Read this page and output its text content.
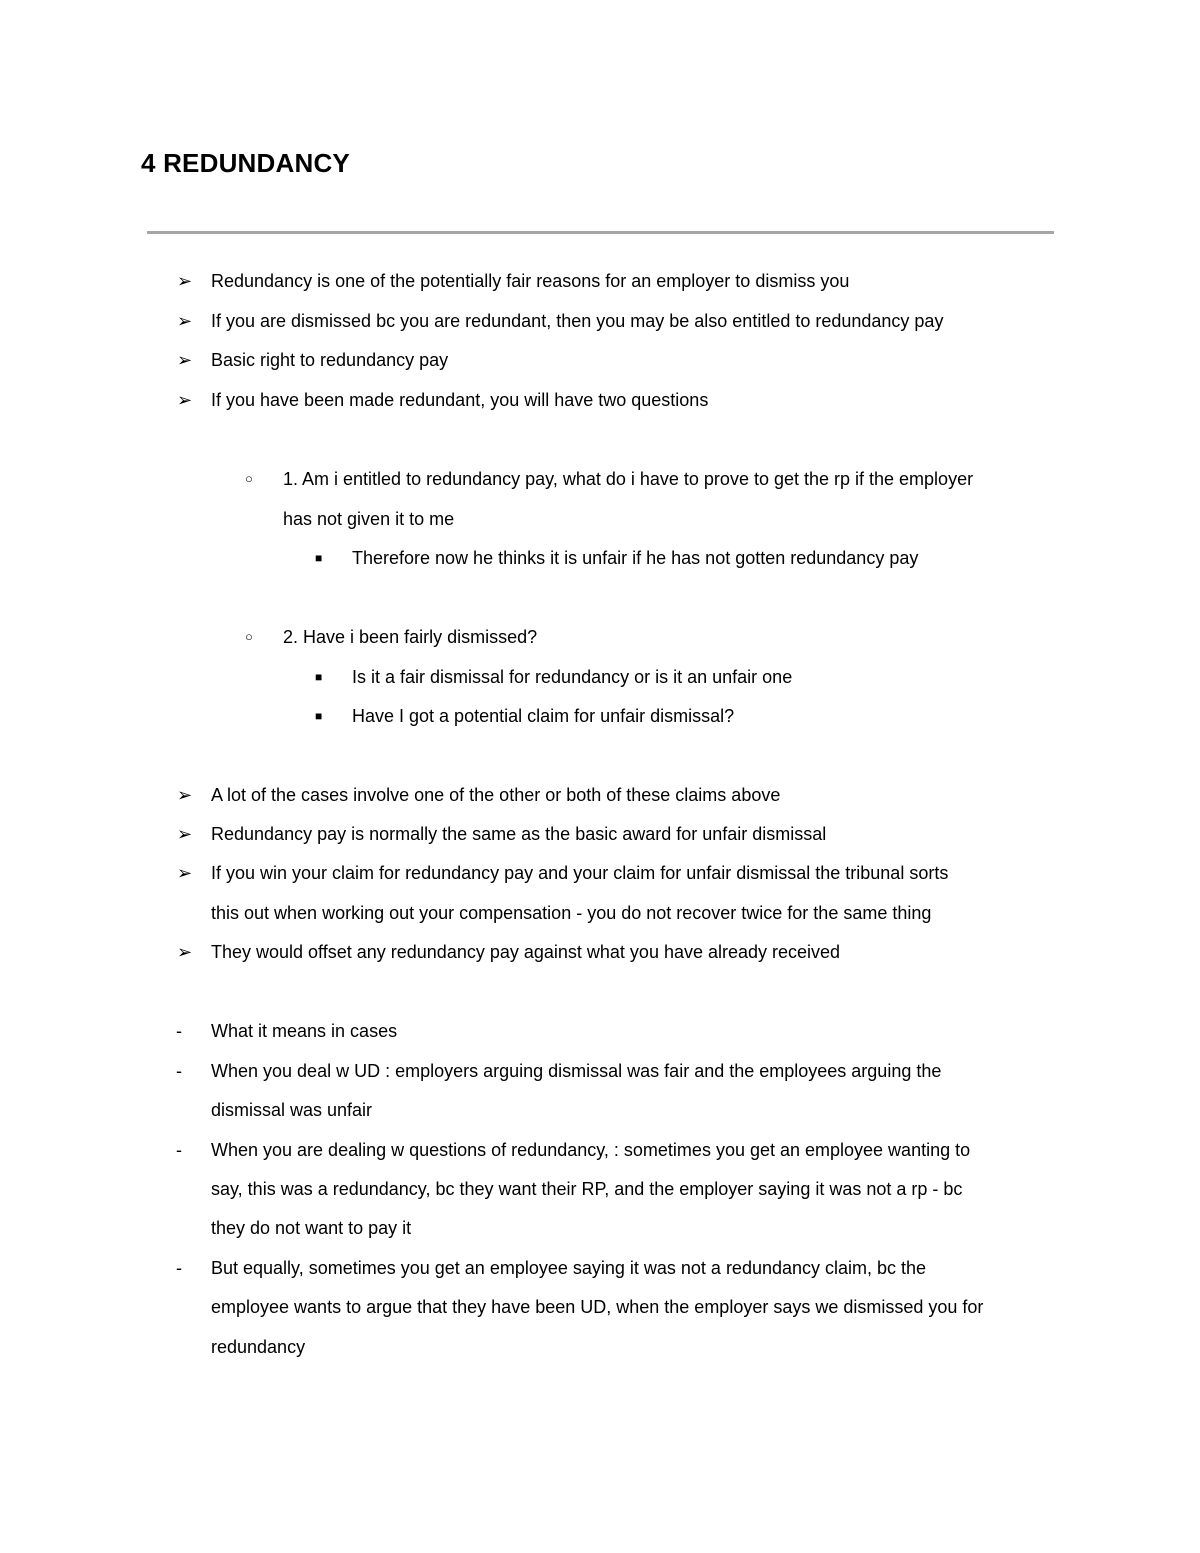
4 REDUNDANCY
➢ Redundancy is one of the potentially fair reasons for an employer to dismiss you

➢ If you are dismissed bc you are redundant, then you may be also entitled to redundancy pay

➢ Basic right to redundancy pay

➢ If you have been made redundant, you will have two questions

○ 1. Am i entitled to redundancy pay, what do i have to prove to get the rp if the employer

has not given it to me

■ Therefore now he thinks it is unfair if he has not gotten redundancy pay

○ 2. Have i been fairly dismissed?

■ Is it a fair dismissal for redundancy or is it an unfair one

■ Have I got a potential claim for unfair dismissal?

➢ A lot of the cases involve one of the other or both of these claims above

➢ Redundancy pay is normally the same as the basic award for unfair dismissal

➢ If you win your claim for redundancy pay and your claim for unfair dismissal the tribunal sorts

this out when working out your compensation - you do not recover twice for the same thing

➢ They would offset any redundancy pay against what you have already received

- What it means in cases

- When you deal w UD : employers arguing dismissal was fair and the employees arguing the

dismissal was unfair

- When you are dealing w questions of redundancy, : sometimes you get an employee wanting to

say, this was a redundancy, bc they want their RP, and the employer saying it was not a rp - bc

they do not want to pay it

- But equally, sometimes you get an employee saying it was not a redundancy claim, bc the

employee wants to argue that they have been UD, when the employer says we dismissed you for

redundancy
